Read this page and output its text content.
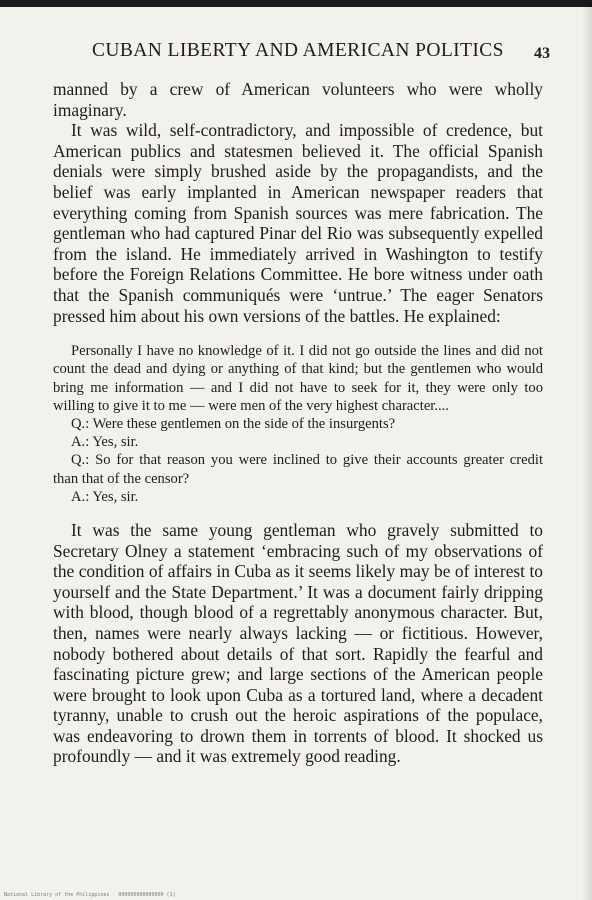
CUBAN LIBERTY AND AMERICAN POLITICS 43

manned by a crew of American volunteers who were wholly imaginary.

It was wild, self-contradictory, and impossible of credence, but American publics and statesmen believed it. The official Spanish denials were simply brushed aside by the propagandists, and the belief was early implanted in American newspaper readers that everything coming from Spanish sources was mere fabrication. The gentleman who had captured Pinar del Rio was subsequently expelled from the island. He immediately arrived in Washington to testify before the Foreign Relations Committee. He bore witness under oath that the Spanish communiqués were ‘untrue.’ The eager Senators pressed him about his own versions of the battles. He explained:

Personally I have no knowledge of it. I did not go outside the lines and did not count the dead and dying or anything of that kind; but the gentlemen who would bring me information — and I did not have to seek for it, they were only too willing to give it to me — were men of the very highest character....

Q.: Were these gentlemen on the side of the insurgents?

A.: Yes, sir.

Q.: So for that reason you were inclined to give their accounts greater credit than that of the censor?

A.: Yes, sir.

It was the same young gentleman who gravely submitted to Secretary Olney a statement ‘embracing such of my observations of the condition of affairs in Cuba as it seems likely may be of interest to yourself and the State Department.’ It was a document fairly dripping with blood, though blood of a regrettably anonymous character. But, then, names were nearly always lacking — or fictitious. However, nobody bothered about details of that sort. Rapidly the fearful and fascinating picture grew; and large sections of the American people were brought to look upon Cuba as a tortured land, where a decadent tyranny, unable to crush out the heroic aspirations of the populace, was endeavoring to drown them in torrents of blood. It shocked us profoundly — and it was extremely good reading.

National Library of the Philippines · 000000000000000 (1)
